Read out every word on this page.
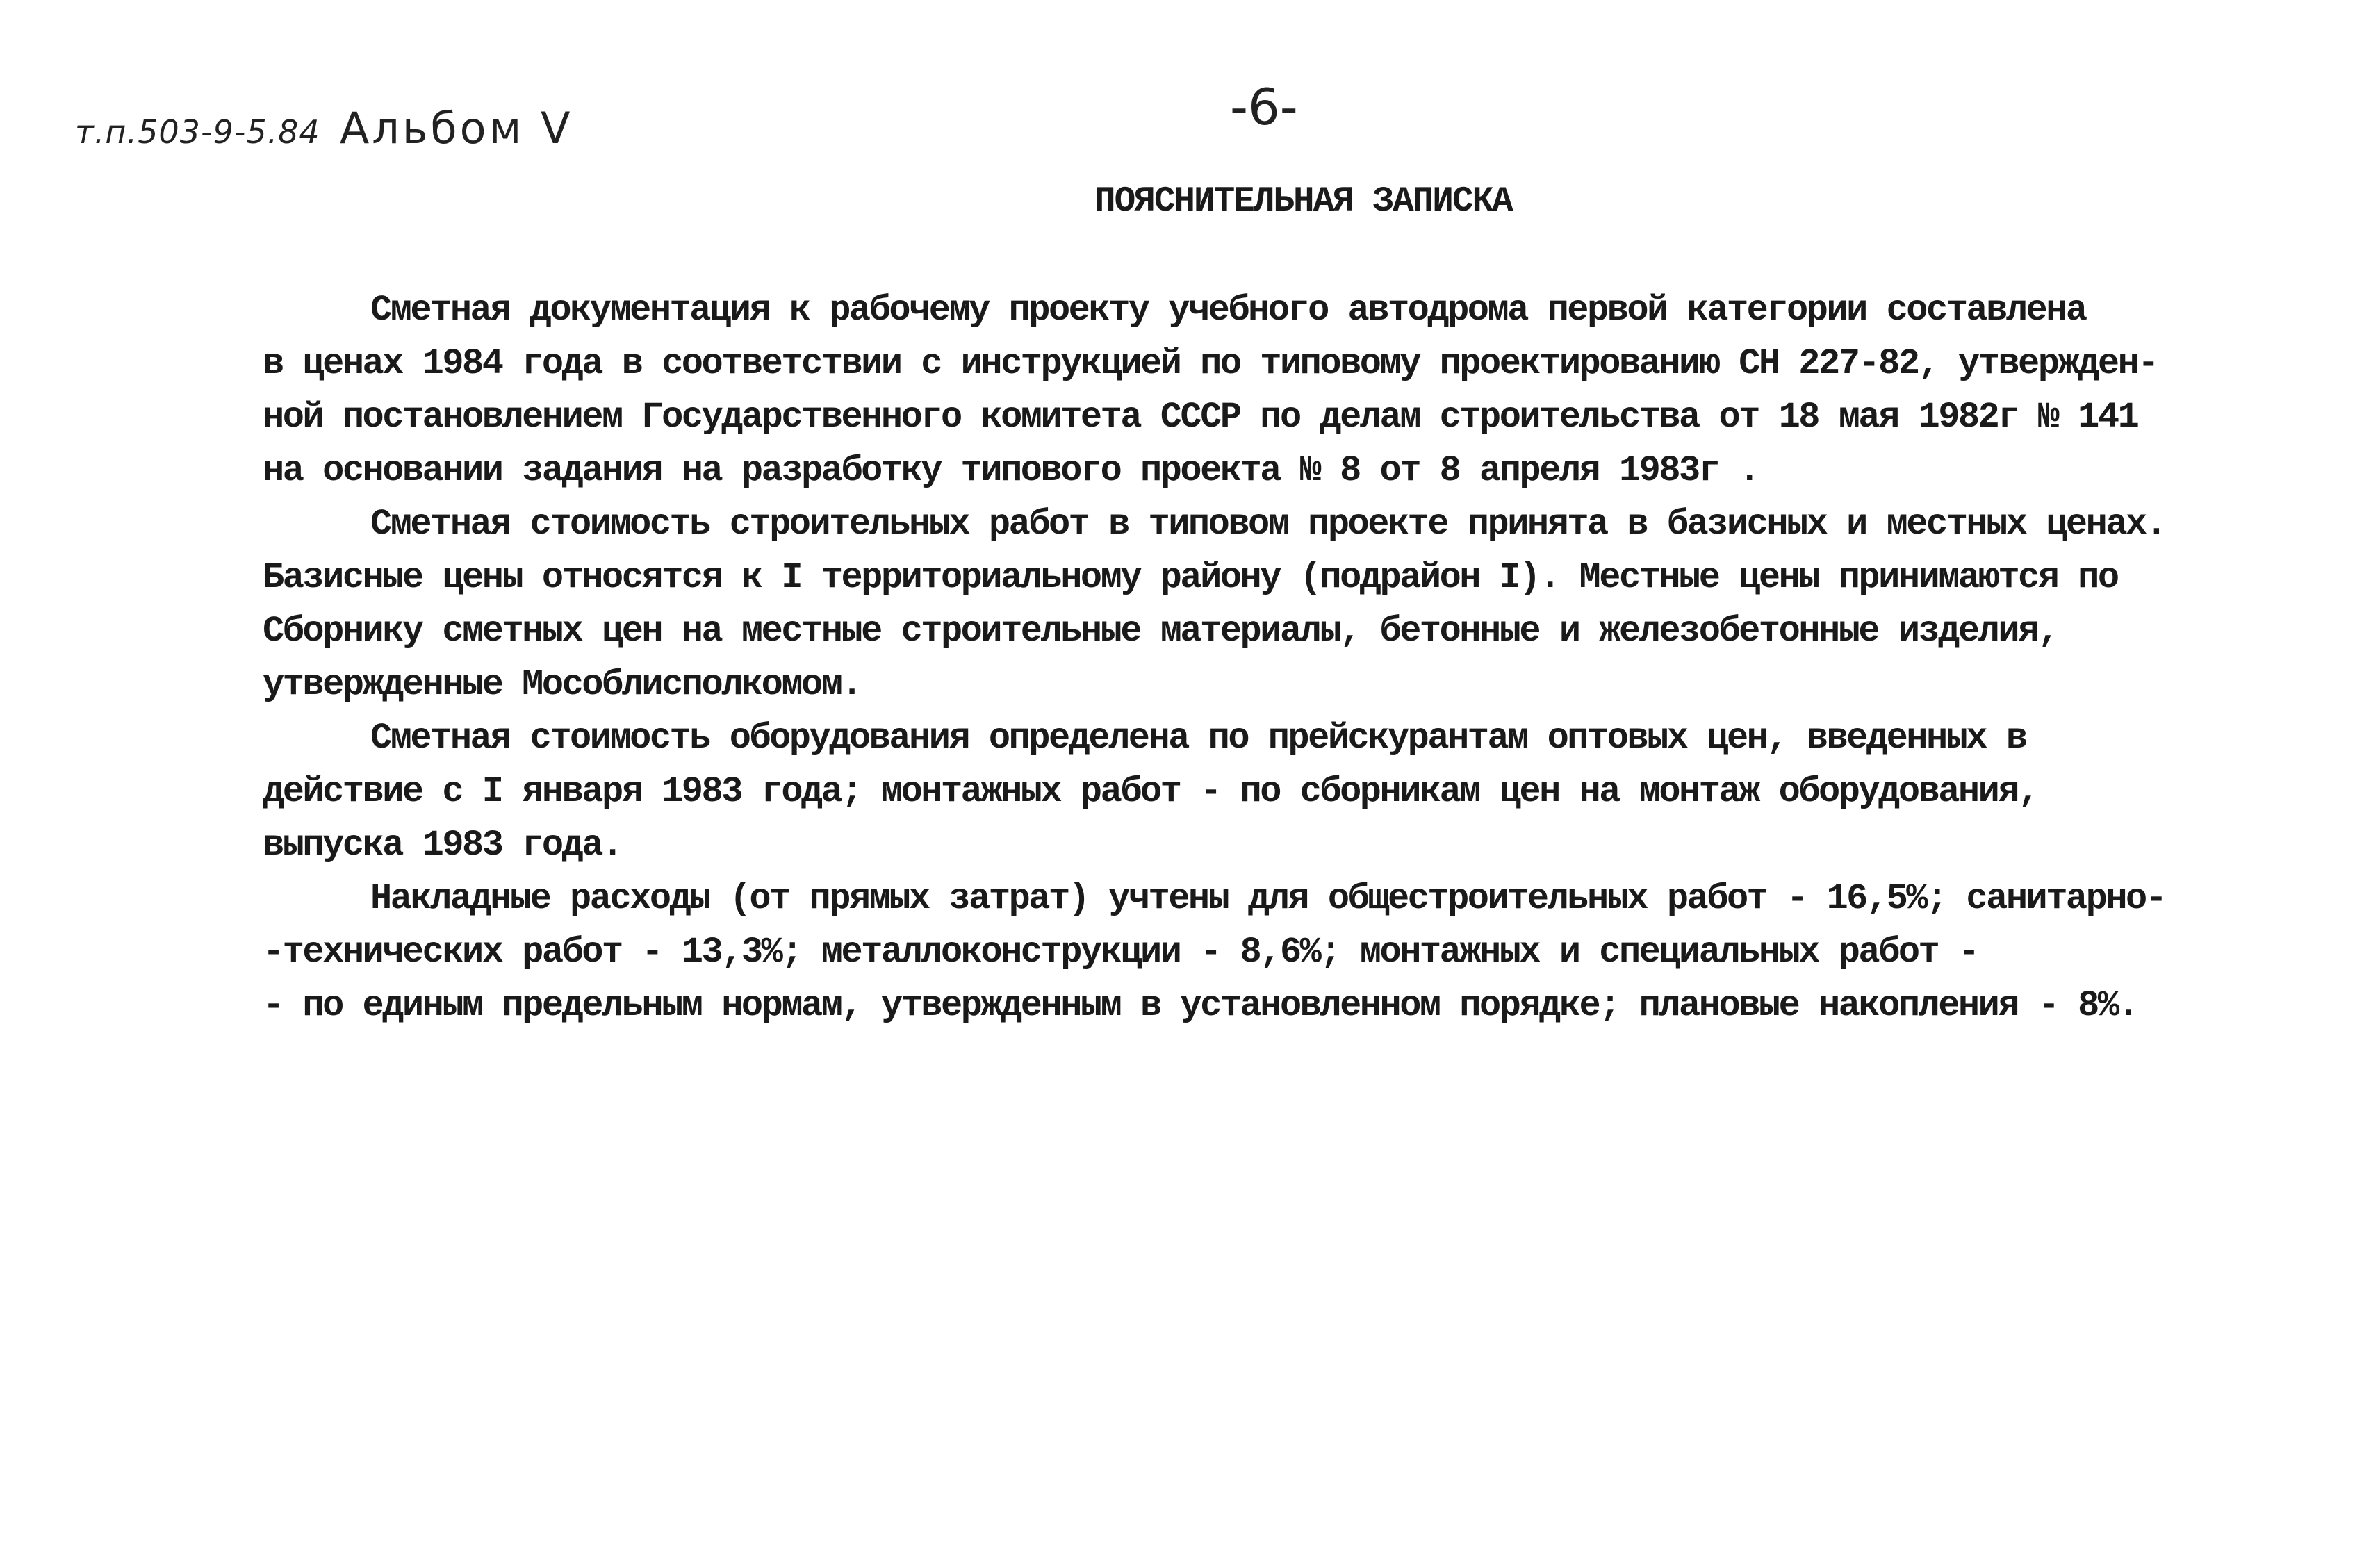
т.п.503-9-5.84 Альбом V	-6-
ПОЯСНИТЕЛЬНАЯ ЗАПИСКА
Сметная документация к рабочему проекту учебного автодрома первой категории составлена
в ценах 1984 года в соответствии с инструкцией по типовому проектированию СН 227-82, утвержден-
ной постановлением Государственного комитета СССР по делам строительства от 18 мая 1982г № 141
на основании задания на разработку типового проекта № 8 от 8 апреля 1983г .
Сметная стоимость строительных работ в типовом проекте принята в базисных и местных ценах.
Базисные цены относятся к I территориальному району (подрайон I). Местные цены принимаются по
Сборнику сметных цен на местные строительные материалы, бетонные и железобетонные изделия,
утвержденные Мособлисполкомом.
Сметная стоимость оборудования определена по прейскурантам оптовых цен, введенных в
действие с I января 1983 года; монтажных работ - по сборникам цен на монтаж оборудования,
выпуска 1983 года.
Накладные расходы (от прямых затрат) учтены для общестроительных работ - 16,5%; санитарно-
-технических работ - 13,3%; металлоконструкции - 8,6%; монтажных и специальных работ -
- по единым предельным нормам, утвержденным в установленном порядке; плановые накопления - 8%.
